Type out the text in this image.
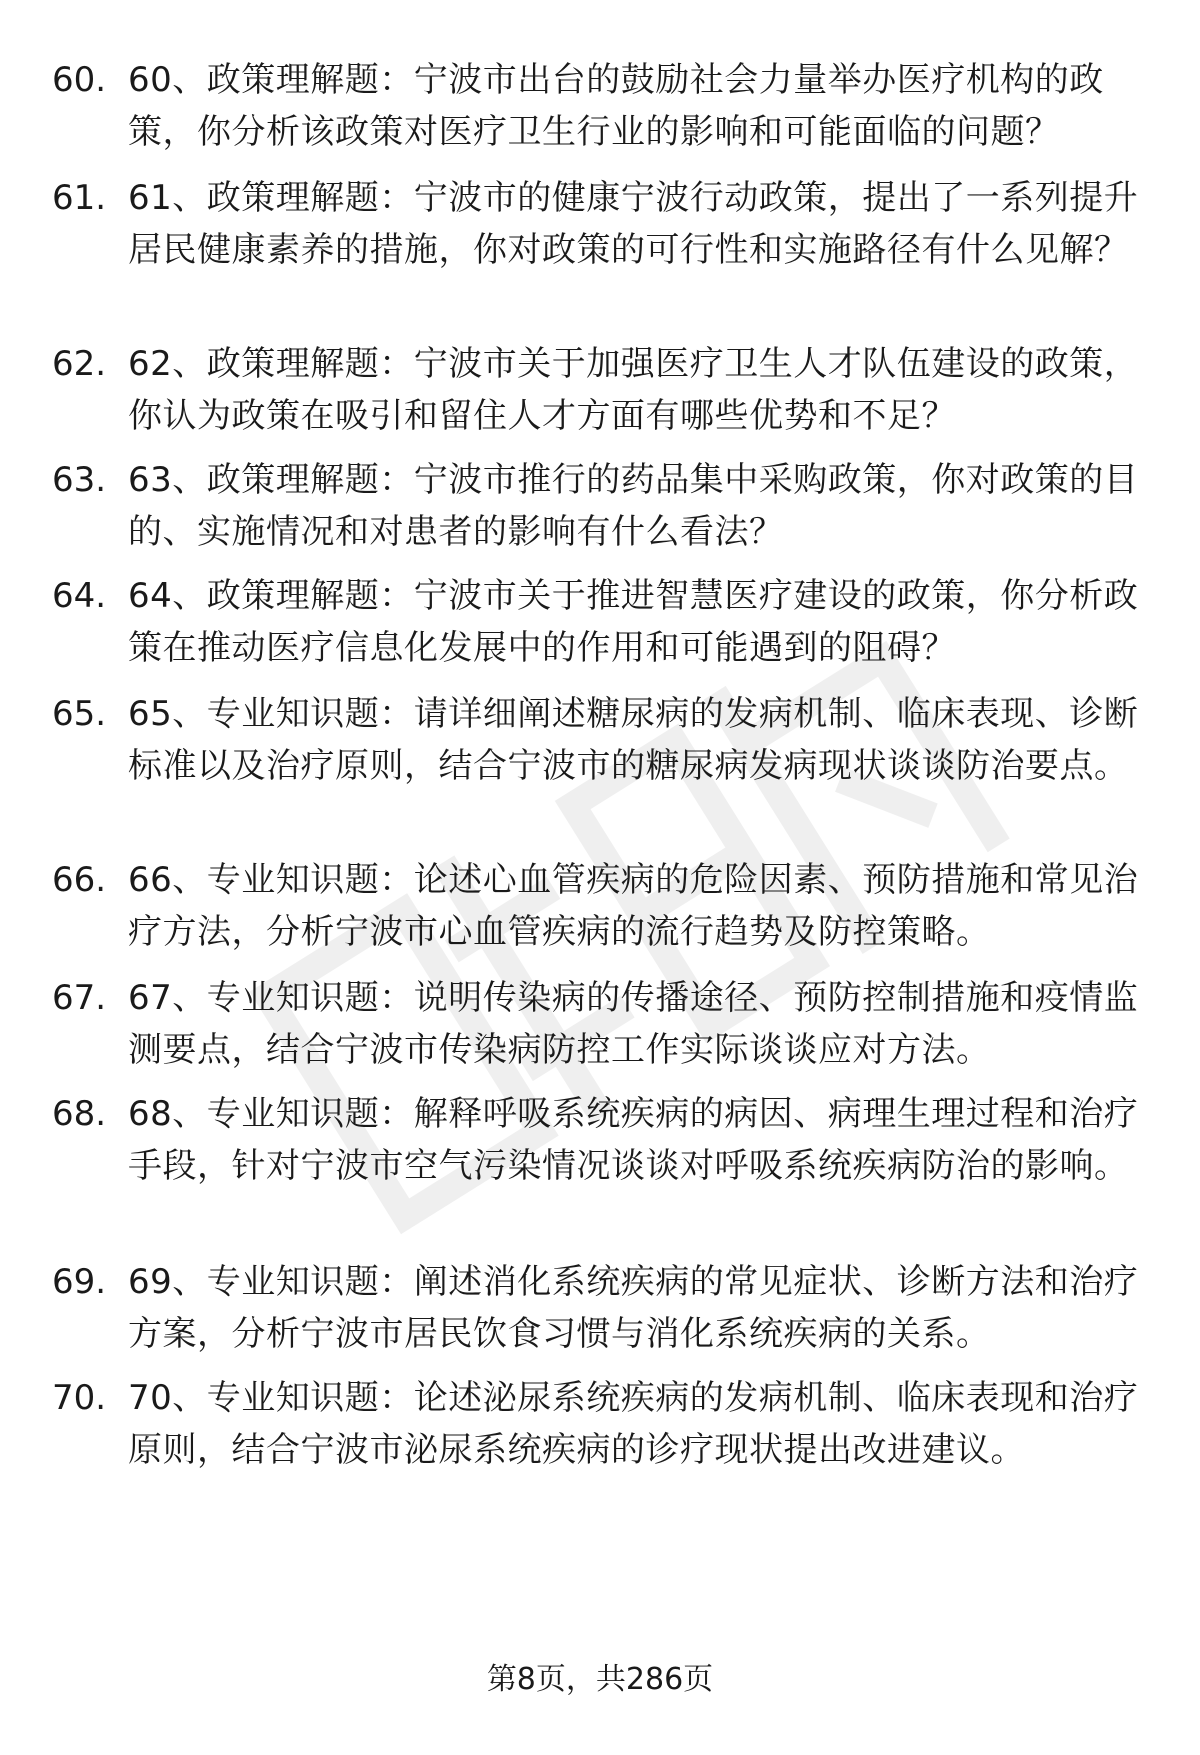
60. 60、政策理解题：宁波市出台的鼓励社会力量举办医疗机构的政策，你分析该政策对医疗卫生行业的影响和可能面临的问题？
61. 61、政策理解题：宁波市的健康宁波行动政策，提出了一系列提升居民健康素养的措施，你对政策的可行性和实施路径有什么见解？
62. 62、政策理解题：宁波市关于加强医疗卫生人才队伍建设的政策，你认为政策在吸引和留住人才方面有哪些优势和不足？
63. 63、政策理解题：宁波市推行的药品集中采购政策，你对政策的目的、实施情况和对患者的影响有什么看法？
64. 64、政策理解题：宁波市关于推进智慧医疗建设的政策，你分析政策在推动医疗信息化发展中的作用和可能遇到的阻碍？
65. 65、专业知识题：请详细阐述糖尿病的发病机制、临床表现、诊断标准以及治疗原则，结合宁波市的糖尿病发病现状谈谈防治要点。
66. 66、专业知识题：论述心血管疾病的危险因素、预防措施和常见治疗方法，分析宁波市心血管疾病的流行趋势及防控策略。
67. 67、专业知识题：说明传染病的传播途径、预防控制措施和疫情监测要点，结合宁波市传染病防控工作实际谈谈应对方法。
68. 68、专业知识题：解释呼吸系统疾病的病因、病理生理过程和治疗手段，针对宁波市空气污染情况谈谈对呼吸系统疾病防治的影响。
69. 69、专业知识题：阐述消化系统疾病的常见症状、诊断方法和治疗方案，分析宁波市居民饮食习惯与消化系统疾病的关系。
70. 70、专业知识题：论述泌尿系统疾病的发病机制、临床表现和治疗原则，结合宁波市泌尿系统疾病的诊疗现状提出改进建议。
第8页，共286页
